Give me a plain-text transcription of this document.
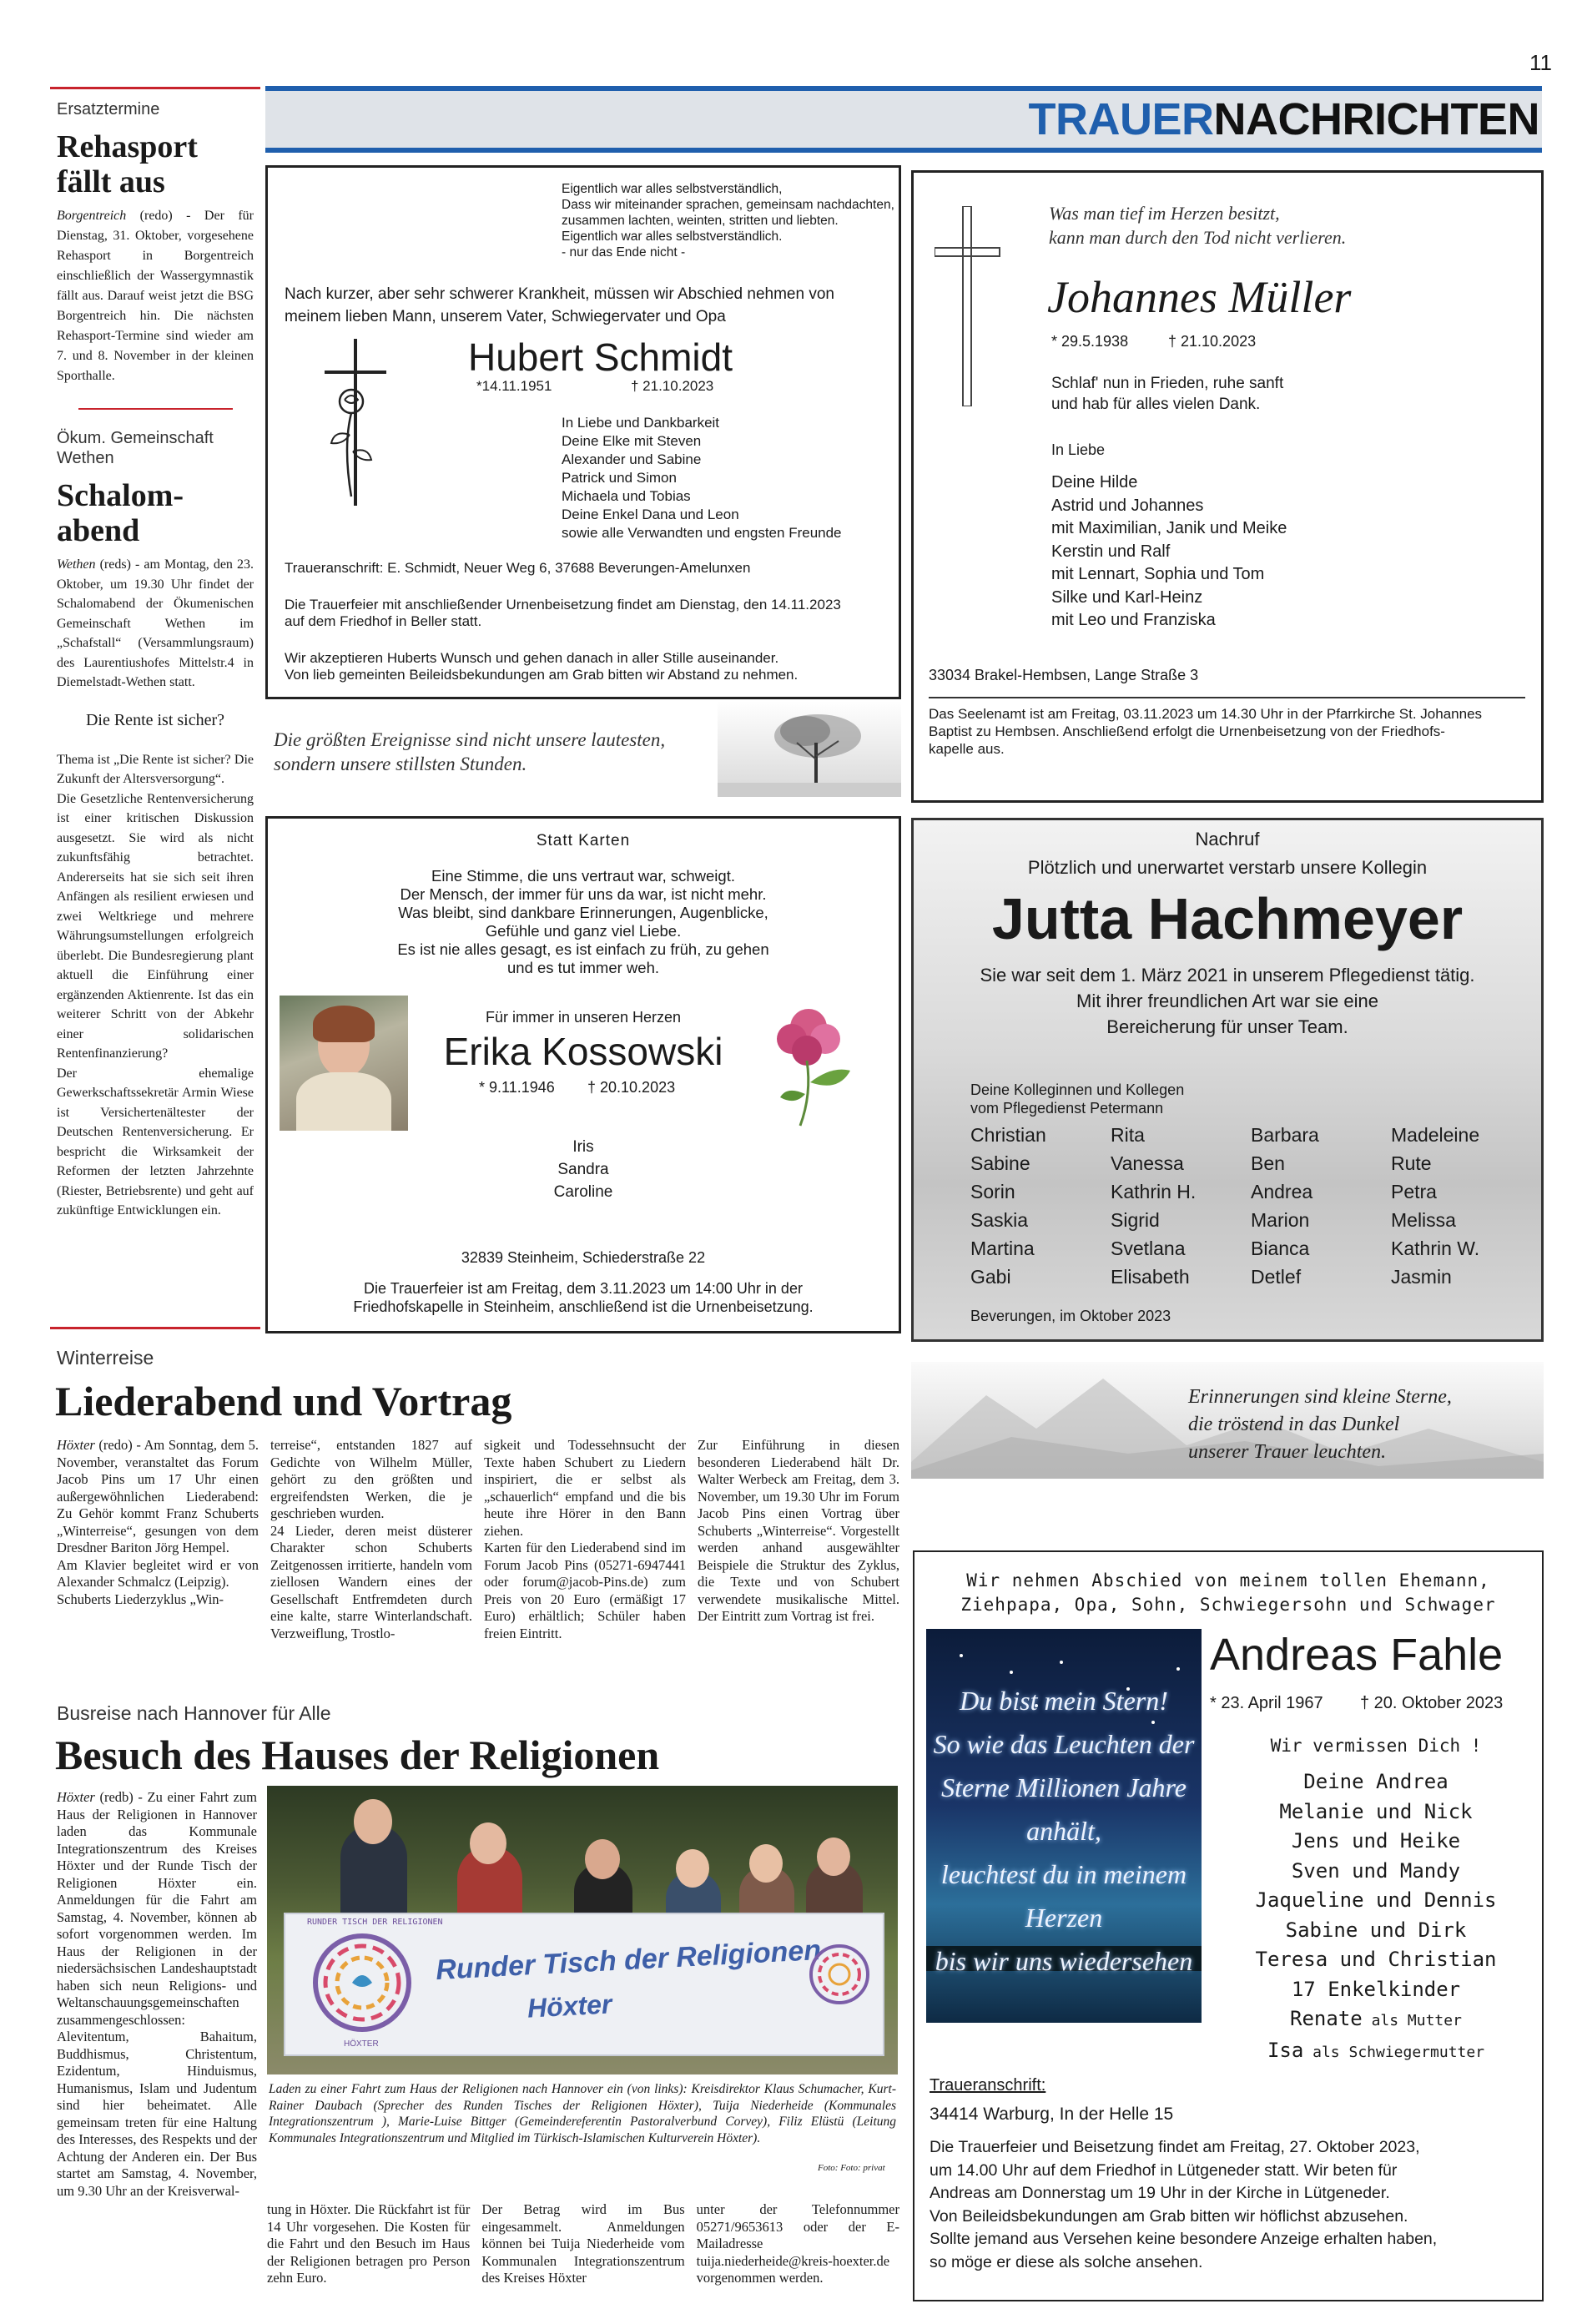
11
TRAUERNACHRICHTEN
Ersatztermine
Rehasport
fällt aus

Borgentreich (redo) - Der für Dienstag, 31. Oktober, vorgesehene Rehasport in Borgentreich einschließlich der Wassergymnastik fällt aus. Darauf weist jetzt die BSG Borgentreich hin. Die nächsten Rehasport-Termine sind wieder am 7. und 8. November in der kleinen Sporthalle.

Ökum. Gemeinschaft Wethen
Schalom-
abend

Wethen (reds) - am Montag, den 23. Oktober, um 19.30 Uhr findet der Schalomabend der Ökumenischen Gemeinschaft Wethen im „Schafstall“ (Versammlungsraum) des Laurentiushofes Mittelstr.4 in Diemelstadt-Wethen statt.

Die Rente ist sicher?

Thema ist „Die Rente ist sicher? Die Zukunft der Altersversorgung“.

Die Gesetzliche Rentenversicherung ist einer kritischen Diskussion ausgesetzt. Sie wird als nicht zukunftsfähig betrachtet. Andererseits hat sie sich seit ihren Anfängen als resilient erwiesen und zwei Weltkriege und mehrere Währungsumstellungen erfolgreich überlebt. Die Bundesregierung plant aktuell die Einführung einer ergänzenden Aktienrente. Ist das ein weiterer Schritt von der Abkehr einer solidarischen Rentenfinanzierung?

Der ehemalige Gewerkschaftssekretär Armin Wiese ist Versichertenältester der Deutschen Rentenversicherung. Er bespricht die Wirksamkeit der Reformen der letzten Jahrzehnte (Riester, Betriebsrente) und geht auf zukünftige Entwicklungen ein.

Eigentlich war alles selbstverständlich,
Dass wir miteinander sprachen, gemeinsam nachdachten,
zusammen lachten, weinten, stritten und liebten.
Eigentlich war alles selbstverständlich.
- nur das Ende nicht -
Nach kurzer, aber sehr schwerer Krankheit, müssen wir Abschied nehmen von
meinem lieben Mann, unserem Vater, Schwiegervater und Opa
Hubert Schmidt
*14.11.1951	† 21.10.2023
In Liebe und Dankbarkeit
Deine Elke mit Steven
Alexander und Sabine
Patrick und Simon
Michaela und Tobias
Deine Enkel Dana und Leon
sowie alle Verwandten und engsten Freunde
Traueranschrift: E. Schmidt, Neuer Weg 6, 37688 Beverungen-Amelunxen
Die Trauerfeier mit anschließender Urnenbeisetzung findet am Dienstag, den 14.11.2023
auf dem Friedhof in Beller statt.
Wir akzeptieren Huberts Wunsch und gehen danach in aller Stille auseinander.
Von lieb gemeinten Beileidsbekundungen am Grab bitten wir Abstand zu nehmen.
Die größten Ereignisse sind nicht unsere lautesten,
sondern unsere stillsten Stunden.
Was man tief im Herzen besitzt,
kann man durch den Tod nicht verlieren.
Johannes Müller
* 29.5.1938	† 21.10.2023
Schlaf' nun in Frieden, ruhe sanft
und hab für alles vielen Dank.
In Liebe
Deine Hilde
Astrid und Johannes
mit Maximilian, Janik und Meike
Kerstin und Ralf
mit Lennart, Sophia und Tom
Silke und Karl-Heinz
mit Leo und Franziska
33034 Brakel-Hembsen, Lange Straße 3
Das Seelenamt ist am Freitag, 03.11.2023 um 14.30 Uhr in der Pfarrkirche St. Johannes
Baptist zu Hembsen. Anschließend erfolgt die Urnenbeisetzung von der Friedhofs-
kapelle aus.
Statt Karten
Eine Stimme, die uns vertraut war, schweigt.
Der Mensch, der immer für uns da war, ist nicht mehr.
Was bleibt, sind dankbare Erinnerungen, Augenblicke,
Gefühle und ganz viel Liebe.
Es ist nie alles gesagt, es ist einfach zu früh, zu gehen
und es tut immer weh.
Für immer in unseren Herzen
Erika Kossowski
* 9.11.1946 † 20.10.2023
Iris
Sandra
Caroline
32839 Steinheim, Schiederstraße 22
Die Trauerfeier ist am Freitag, dem 3.11.2023 um 14:00 Uhr in der
Friedhofskapelle in Steinheim, anschließend ist die Urnenbeisetzung.
Nachruf
Plötzlich und unerwartet verstarb unsere Kollegin
Jutta Hachmeyer
Sie war seit dem 1. März 2021 in unserem Pflegedienst tätig.
Mit ihrer freundlichen Art war sie eine
Bereicherung für unser Team.
Deine Kolleginnen und Kollegen
vom Pflegedienst Petermann
Christian
Sabine
Sorin
Saskia
Martina
Gabi
Rita
Vanessa
Kathrin H.
Sigrid
Svetlana
Elisabeth
Barbara
Ben
Andrea
Marion
Bianca
Detlef
Madeleine
Rute
Petra
Melissa
Kathrin W.
Jasmin
Beverungen, im Oktober 2023
Winterreise
Liederabend und Vortrag

Höxter (redo) - Am Sonntag, dem 5. November, veranstaltet das Forum Jacob Pins um 17 Uhr einen außergewöhnlichen Liederabend: Zu Gehör kommt Franz Schuberts „Winterreise“, gesungen von dem Dresdner Bariton Jörg Hempel.

Am Klavier begleitet wird er von Alexander Schmalcz (Leipzig).

Schuberts Liederzyklus „Win-

terreise“, entstanden 1827 auf Gedichte von Wilhelm Müller, gehört zu den größten und ergreifendsten Werken, die je geschrieben wurden.

24 Lieder, deren meist düsterer Charakter schon Schuberts Zeitgenossen irritierte, handeln vom ziellosen Wandern eines der Gesellschaft Entfremdeten durch eine kalte, starre Winterlandschaft. Verzweiflung, Trostlo-

sigkeit und Todessehnsucht der Texte haben Schubert zu Liedern inspiriert, die er selbst als „schauerlich“ empfand und die bis heute ihre Hörer in den Bann ziehen.

Karten für den Liederabend sind im Forum Jacob Pins (05271-6947441 oder forum@jacob-Pins.de) zum Preis von 20 Euro (ermäßigt 17 Euro) erhältlich; Schüler haben freien Eintritt.

Zur Einführung in diesen besonderen Liederabend hält Dr. Walter Werbeck am Freitag, dem 3. November, um 19.30 Uhr im Forum Jacob Pins einen Vortrag über Schuberts „Winterreise“. Vorgestellt werden anhand ausgewählter Beispiele die Struktur des Zyklus, die Texte und von Schubert verwendete musikalische Mittel. Der Eintritt zum Vortrag ist frei.

Erinnerungen sind kleine Sterne,
die tröstend in das Dunkel
unserer Trauer leuchten.
Busreise nach Hannover für Alle
Besuch des Hauses der Religionen

Höxter (redb) - Zu einer Fahrt zum Haus der Religionen in Hannover laden das Kommunale Integrationszentrum des Kreises Höxter und der Runde Tisch der Religionen Höxter ein. Anmeldungen für die Fahrt am Samstag, 4. November, können ab sofort vorgenommen werden. Im Haus der Religionen in der niedersächsischen Landeshauptstadt haben sich neun Religions- und Weltanschauungsgemeinschaften zusammengeschlossen: Alevitentum, Bahaitum, Buddhismus, Christentum, Ezidentum, Hinduismus, Humanismus, Islam und Judentum sind hier beheimatet. Alle gemeinsam treten für eine Haltung des Interesses, des Respekts und der Achtung der Anderen ein. Der Bus startet am Samstag, 4. November, um 9.30 Uhr an der Kreisverwal-

RUNDER TISCH DER RELIGIONEN
HÖXTER
Runder Tisch der Religionen
Höxter
Laden zu einer Fahrt zum Haus der Religionen nach Hannover ein (von links): Kreisdirektor Klaus Schumacher, Kurt-Rainer Daubach (Sprecher des Runden Tisches der Religionen Höxter), Tuija Niederheide (Kommunales Integrationszentrum ), Marie-Luise Bittger (Gemeindereferentin Pastoralverbund Corvey), Filiz Elüstü (Leitung Kommunales Integrationszentrum und Mitglied im Türkisch-Islamischen Kulturverein Höxter).
Foto: Foto: privat
tung in Höxter. Die Rückfahrt ist für 14 Uhr vorgesehen. Die Kosten für die Fahrt und den Besuch im Haus der Religionen betragen pro Person zehn Euro.
Der Betrag wird im Bus eingesammelt. Anmeldungen können bei Tuija Niederheide vom Kommunalen Integrationszentrum des Kreises Höxter
unter der Telefonnummer 05271/9653613 oder der E-Mailadresse tuija.niederheide@kreis-hoexter.de vorgenommen werden.
Wir nehmen Abschied von meinem tollen Ehemann,
Ziehpapa, Opa, Sohn, Schwiegersohn und Schwager
Du bist mein Stern!
So wie das Leuchten der
Sterne Millionen Jahre
anhält,
leuchtest du in meinem
Herzen
bis wir uns wiedersehen
Andreas Fahle
* 23. April 1967 † 20. Oktober 2023
Wir vermissen Dich !
Deine Andrea
Melanie und Nick
Jens und Heike
Sven und Mandy
Jaqueline und Dennis
Sabine und Dirk
Teresa und Christian
17 Enkelkinder
Renate als Mutter
Isa als Schwiegermutter
Traueranschrift:
34414 Warburg, In der Helle 15
Die Trauerfeier und Beisetzung findet am Freitag, 27. Oktober 2023,
um 14.00 Uhr auf dem Friedhof in Lütgeneder statt. Wir beten für
Andreas am Donnerstag um 19 Uhr in der Kirche in Lütgeneder.
Von Beileidsbekundungen am Grab bitten wir höflichst abzusehen.
Sollte jemand aus Versehen keine besondere Anzeige erhalten haben,
so möge er diese als solche ansehen.
